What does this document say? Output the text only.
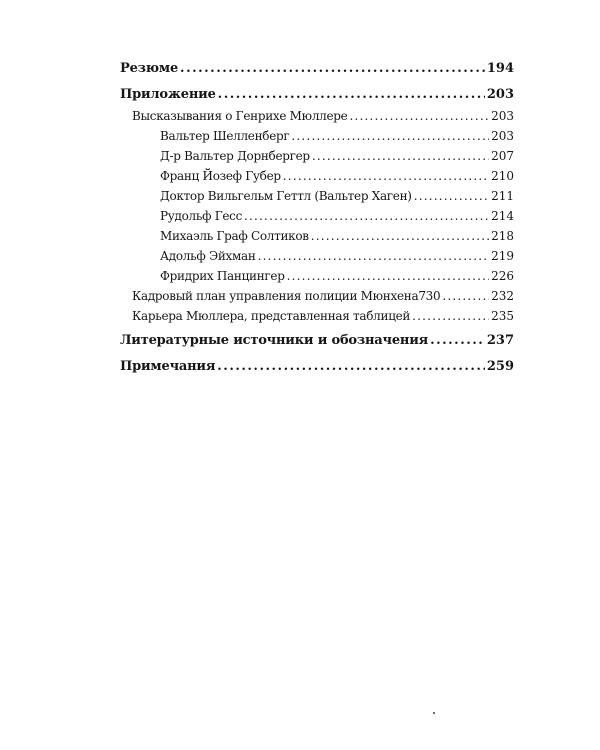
Резюме .....	194
Приложение .....	203
Высказывания о Генрихе Мюллере .....	203
Вальтер Шелленберг .....	203
Д-р Вальтер Дорнбергер .....	207
Франц Йозеф Губер .....	210
Доктор Вильгельм Геттл (Вальтер Хаген) .....	211
Рудольф Гесс .....	214
Михаэль Граф Солтиков .....	218
Адольф Эйхман .....	219
Фридрих Панцингер .....	226
Кадровый план управления полиции Мюнхена730 .....	232
Карьера Мюллера, представленная таблицей .....	235
Литературные источники и обозначения .....	237
Примечания .....	259
